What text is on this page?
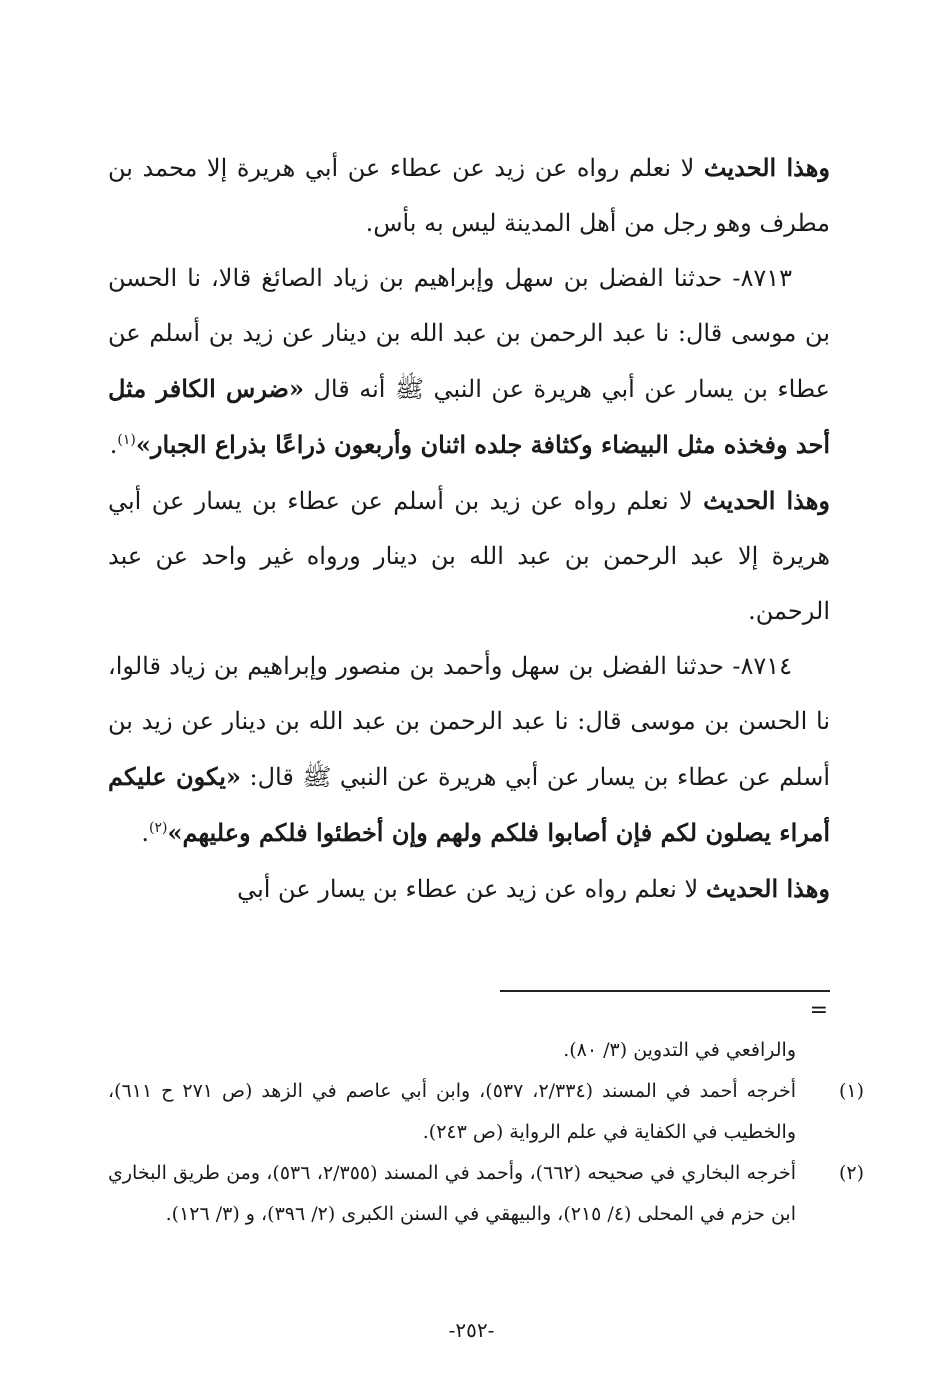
وهذا الحديث لا نعلم رواه عن زيد عن عطاء عن أبي هريرة إلا محمد بن مطرف وهو رجل من أهل المدينة ليس به بأس.

٨٧١٣- حدثنا الفضل بن سهل وإبراهيم بن زياد الصائغ قالا، نا الحسن بن موسى قال: نا عبد الرحمن بن عبد الله بن دينار عن زيد بن أسلم عن عطاء بن يسار عن أبي هريرة عن النبي ﷺ أنه قال «ضرس الكافر مثل أحد وفخذه مثل البيضاء وكثافة جلده اثنان وأربعون ذراعًا بذراع الجبار»$^{(١)}$.

وهذا الحديث لا نعلم رواه عن زيد بن أسلم عن عطاء بن يسار عن أبي هريرة إلا عبد الرحمن بن عبد الله بن دينار ورواه غير واحد عن عبد الرحمن.

٨٧١٤- حدثنا الفضل بن سهل وأحمد بن منصور وإبراهيم بن زياد قالوا، نا الحسن بن موسى قال: نا عبد الرحمن بن عبد الله بن دينار عن زيد بن أسلم عن عطاء بن يسار عن أبي هريرة عن النبي ﷺ قال: «يكون عليكم أمراء يصلون لكم فإن أصابوا فلكم ولهم وإن أخطئوا فلكم وعليهم»$^{(٢)}$.

وهذا الحديث لا نعلم رواه عن زيد عن عطاء بن يسار عن أبي

=

والرافعي في التدوين (٣/ ٨٠).

(١)أخرجه أحمد في المسند (٢/٣٣٤، ٥٣٧)، وابن أبي عاصم في الزهد (ص ٢٧١ ح ٦١١)، والخطيب في الكفاية في علم الرواية (ص ٢٤٣).

(٢)أخرجه البخاري في صحيحه (٦٦٢)، وأحمد في المسند (٢/٣٥٥، ٥٣٦)، ومن طريق البخاري ابن حزم في المحلى (٤/ ٢١٥)، والبيهقي في السنن الكبرى (٢/ ٣٩٦)، و (٣/ ١٢٦).

-٢٥٢-
